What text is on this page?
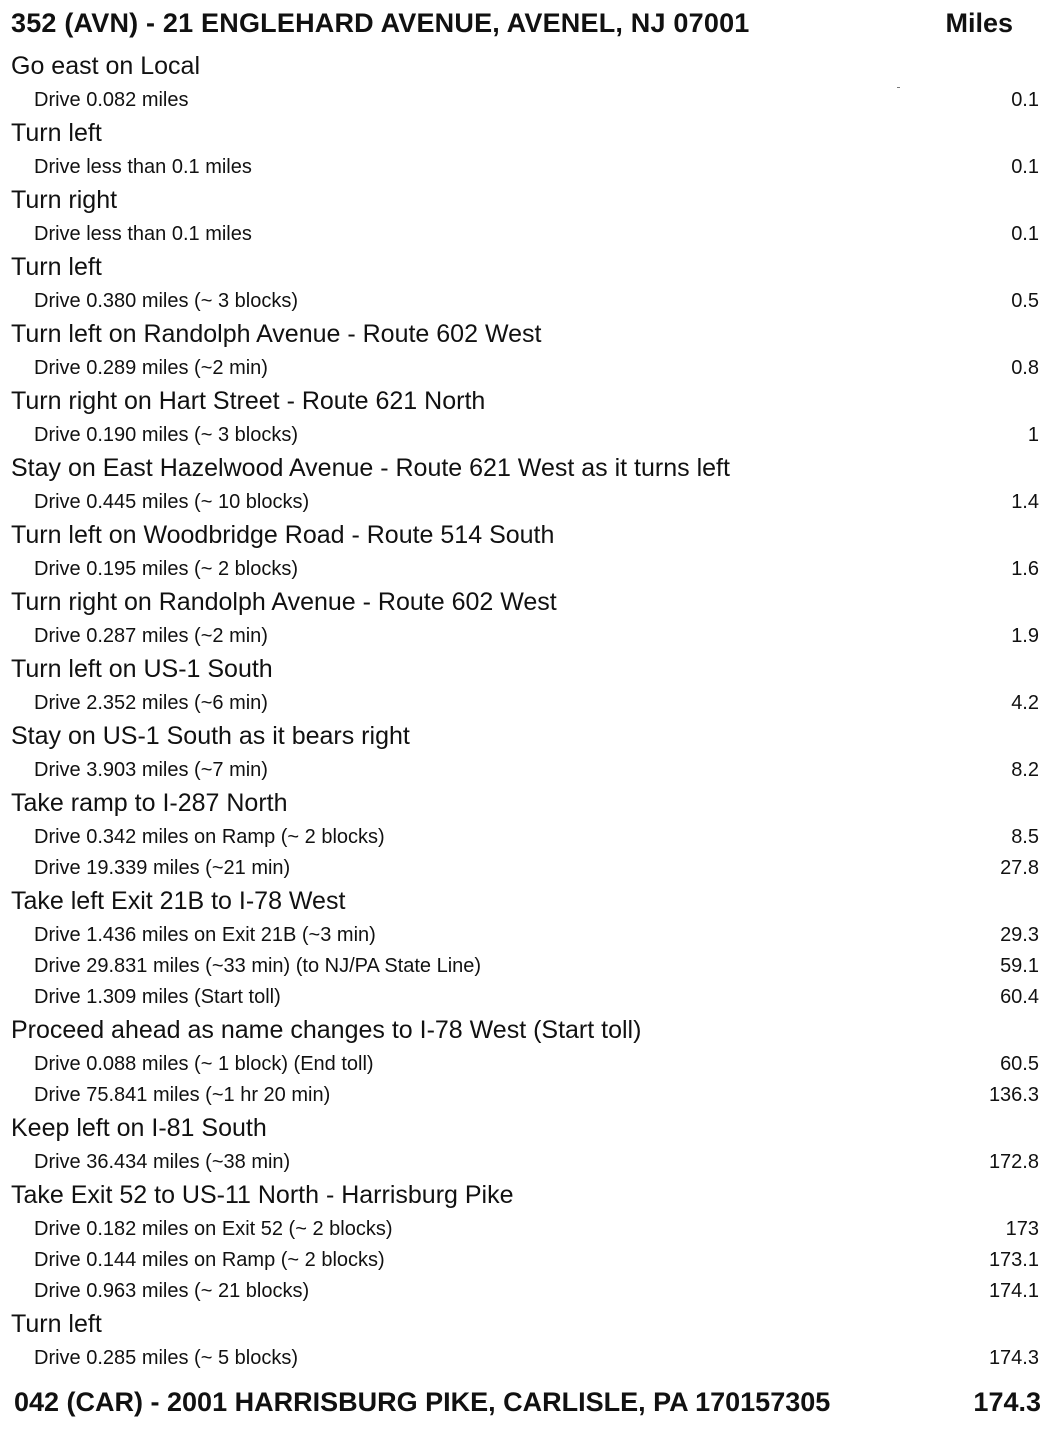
352 (AVN) - 21 ENGLEHARD AVENUE, AVENEL, NJ 07001	Miles
Go east on Local
Drive 0.082 miles	0.1
Turn left
Drive less than 0.1 miles	0.1
Turn right
Drive less than 0.1 miles	0.1
Turn left
Drive 0.380 miles (~ 3 blocks)	0.5
Turn left on Randolph Avenue - Route 602 West
Drive 0.289 miles (~2 min)	0.8
Turn right on Hart Street - Route 621 North
Drive 0.190 miles (~ 3 blocks)	1
Stay on East Hazelwood Avenue - Route 621 West as it turns left
Drive 0.445 miles (~ 10 blocks)	1.4
Turn left on Woodbridge Road - Route 514 South
Drive 0.195 miles (~ 2 blocks)	1.6
Turn right on Randolph Avenue - Route 602 West
Drive 0.287 miles (~2 min)	1.9
Turn left on US-1 South
Drive 2.352 miles (~6 min)	4.2
Stay on US-1 South as it bears right
Drive 3.903 miles (~7 min)	8.2
Take ramp to I-287 North
Drive 0.342 miles on Ramp (~ 2 blocks)	8.5
Drive 19.339 miles (~21 min)	27.8
Take left Exit 21B to I-78 West
Drive 1.436 miles on Exit 21B (~3 min)	29.3
Drive 29.831 miles (~33 min) (to NJ/PA State Line)	59.1
Drive 1.309 miles (Start toll)	60.4
Proceed ahead as name changes to I-78 West (Start toll)
Drive 0.088 miles (~ 1 block) (End toll)	60.5
Drive 75.841 miles (~1 hr 20 min)	136.3
Keep left on I-81 South
Drive 36.434 miles (~38 min)	172.8
Take Exit 52 to US-11 North - Harrisburg Pike
Drive 0.182 miles on Exit 52 (~ 2 blocks)	173
Drive 0.144 miles on Ramp (~ 2 blocks)	173.1
Drive 0.963 miles (~ 21 blocks)	174.1
Turn left
Drive 0.285 miles (~ 5 blocks)	174.3
042 (CAR) - 2001 HARRISBURG PIKE, CARLISLE, PA 170157305	174.3
